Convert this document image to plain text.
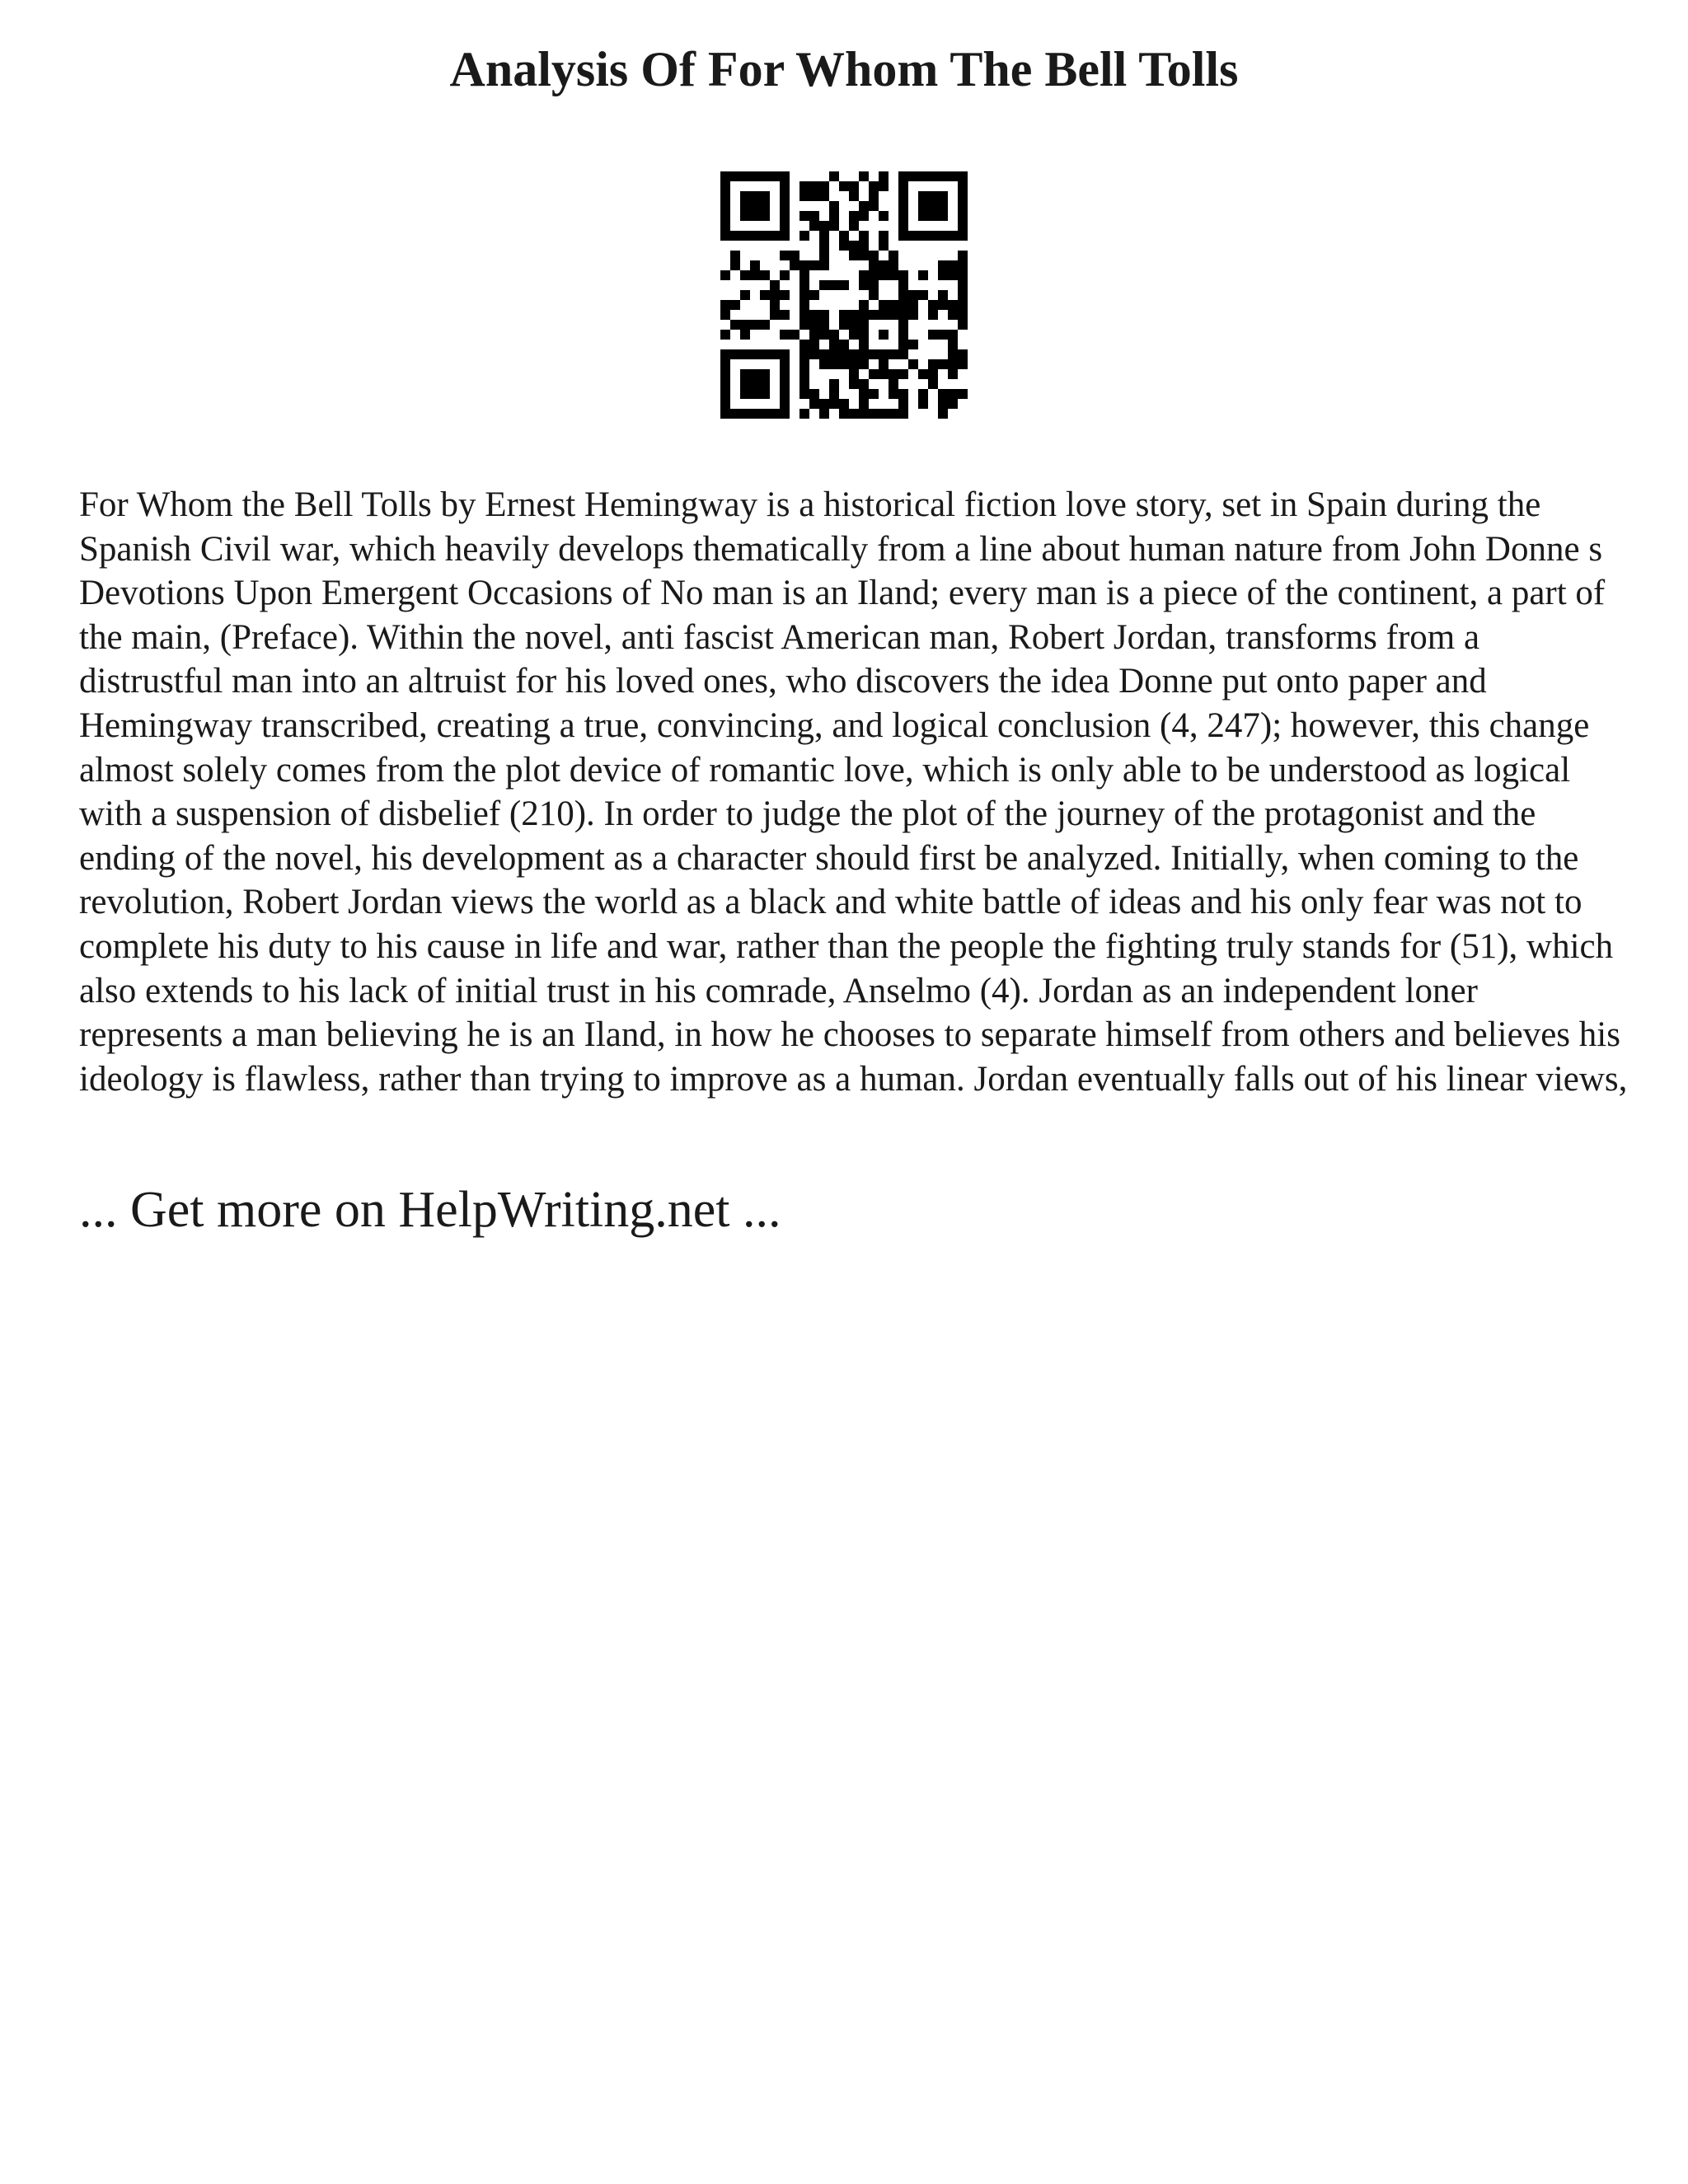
Analysis Of For Whom The Bell Tolls

For Whom the Bell Tolls by Ernest Hemingway is a historical fiction love story, set in Spain during the Spanish Civil war, which heavily develops thematically from a line about human nature from John Donne s Devotions Upon Emergent Occasions of No man is an Iland; every man is a piece of the continent, a part of the main, (Preface). Within the novel, anti fascist American man, Robert Jordan, transforms from a distrustful man into an altruist for his loved ones, who discovers the idea Donne put onto paper and Hemingway transcribed, creating a true, convincing, and logical conclusion (4, 247); however, this change almost solely comes from the plot device of romantic love, which is only able to be understood as logical with a suspension of disbelief (210). In order to judge the plot of the journey of the protagonist and the ending of the novel, his development as a character should first be analyzed. Initially, when coming to the revolution, Robert Jordan views the world as a black and white battle of ideas and his only fear was not to complete his duty to his cause in life and war, rather than the people the fighting truly stands for (51), which also extends to his lack of initial trust in his comrade, Anselmo (4). Jordan as an independent loner represents a man believing he is an Iland, in how he chooses to separate himself from others and believes his ideology is flawless, rather than trying to improve as a human. Jordan eventually falls out of his linear views,

... Get more on HelpWriting.net ...
